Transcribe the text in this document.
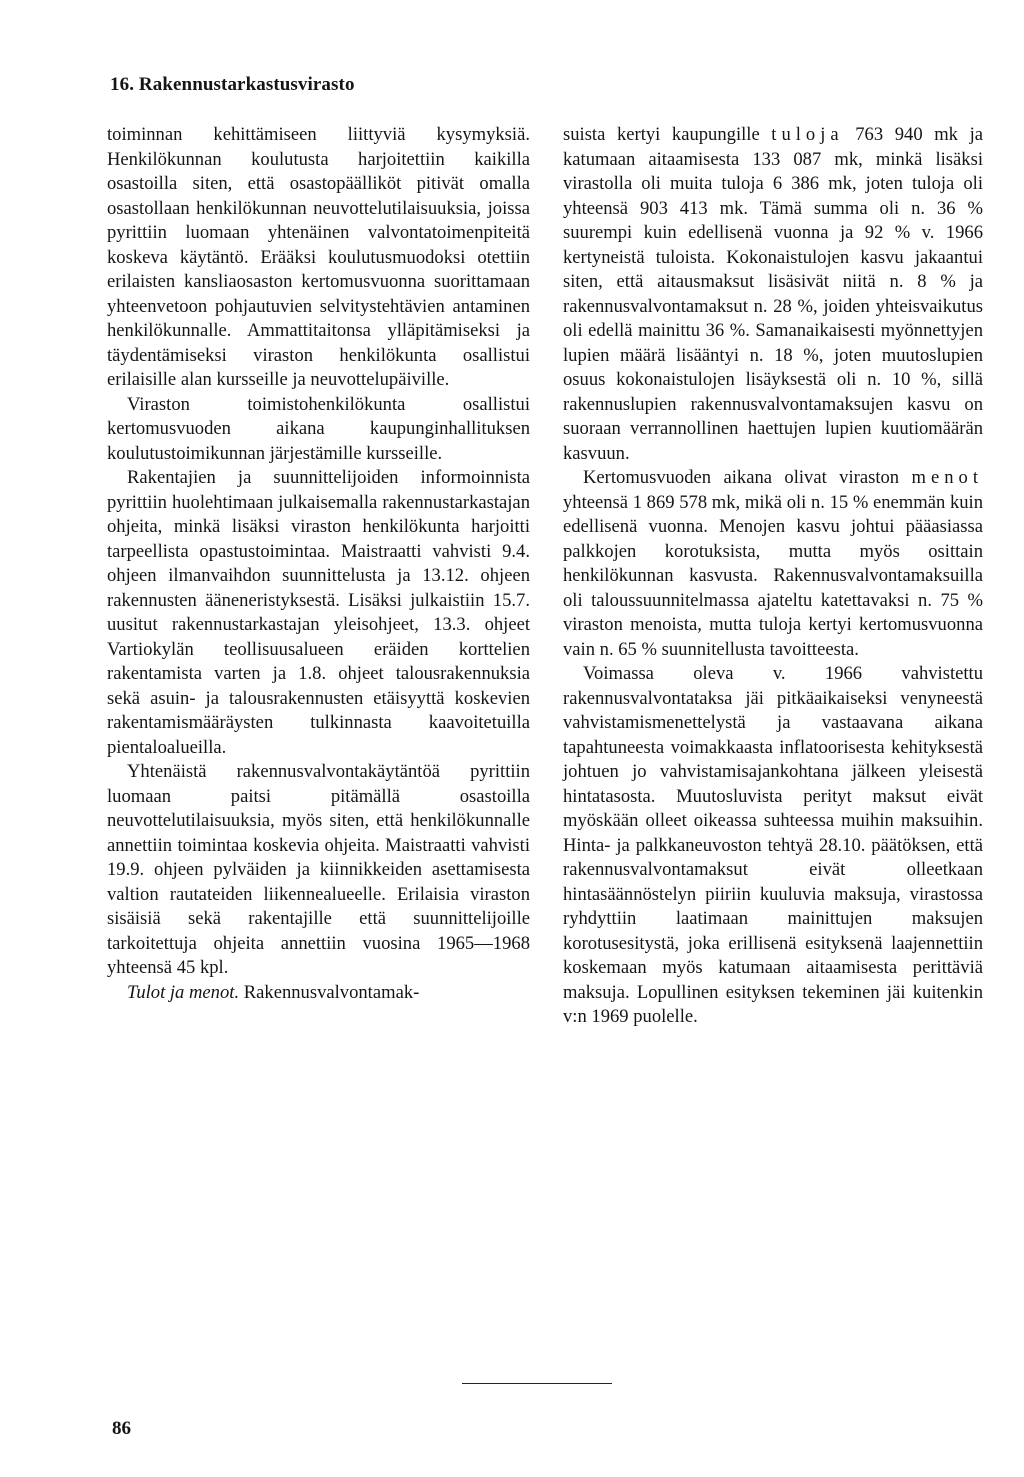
16. Rakennustarkastusvirasto

toiminnan kehittämiseen liittyviä kysymyksiä. Henkilökunnan koulutusta harjoitettiin kaikilla osastoilla siten, että osastopäälliköt pitivät omalla osastollaan henkilökunnan neuvottelutilaisuuksia, joissa pyrittiin luomaan yhtenäinen valvontatoimenpiteitä koskeva käytäntö. Erääksi koulutusmuodoksi otettiin erilaisten kansliaosaston kertomusvuonna suorittamaan yhteenvetoon pohjautuvien selvitystehtävien antaminen henkilökunnalle. Ammattitaitonsa ylläpitämiseksi ja täydentämiseksi viraston henkilökunta osallistui erilaisille alan kursseille ja neuvottelupäiville.

Viraston toimistohenkilökunta osallistui kertomusvuoden aikana kaupunginhallituksen koulutustoimikunnan järjestämille kursseille.

Rakentajien ja suunnittelijoiden informoinnista pyrittiin huolehtimaan julkaisemalla rakennustarkastajan ohjeita, minkä lisäksi viraston henkilökunta harjoitti tarpeellista opastustoimintaa. Maistraatti vahvisti 9.4. ohjeen ilmanvaihdon suunnittelusta ja 13.12. ohjeen rakennusten ääneneristyksestä. Lisäksi julkaistiin 15.7. uusitut rakennustarkastajan yleisohjeet, 13.3. ohjeet Vartiokylän teollisuusalueen eräiden korttelien rakentamista varten ja 1.8. ohjeet talousrakennuksia sekä asuin- ja talousrakennusten etäisyyttä koskevien rakentamismääräysten tulkinnasta kaavoitetuilla pientaloalueilla.

Yhtenäistä rakennusvalvontakäytäntöä pyrittiin luomaan paitsi pitämällä osastoilla neuvottelutilaisuuksia, myös siten, että henkilökunnalle annettiin toimintaa koskevia ohjeita. Maistraatti vahvisti 19.9. ohjeen pylväiden ja kiinnikkeiden asettamisesta valtion rautateiden liikennealueelle. Erilaisia viraston sisäisiä sekä rakentajille että suunnittelijoille tarkoitettuja ohjeita annettiin vuosina 1965—1968 yhteensä 45 kpl.

Tulot ja menot. Rakennusvalvontamak-

suista kertyi kaupungille tuloja 763 940 mk ja katumaan aitaamisesta 133 087 mk, minkä lisäksi virastolla oli muita tuloja 6 386 mk, joten tuloja oli yhteensä 903 413 mk. Tämä summa oli n. 36 % suurempi kuin edellisenä vuonna ja 92 % v. 1966 kertyneistä tuloista. Kokonaistulojen kasvu jakaantui siten, että aitausmaksut lisäsivät niitä n. 8 % ja rakennusvalvontamaksut n. 28 %, joiden yhteisvaikutus oli edellä mainittu 36 %. Samanaikaisesti myönnettyjen lupien määrä lisääntyi n. 18 %, joten muutoslupien osuus kokonaistulojen lisäyksestä oli n. 10 %, sillä rakennuslupien rakennusvalvontamaksujen kasvu on suoraan verrannollinen haettujen lupien kuutiomäärän kasvuun.

Kertomusvuoden aikana olivat viraston menot yhteensä 1 869 578 mk, mikä oli n. 15 % enemmän kuin edellisenä vuonna. Menojen kasvu johtui pääasiassa palkkojen korotuksista, mutta myös osittain henkilökunnan kasvusta. Rakennusvalvontamaksuilla oli taloussuunnitelmassa ajateltu katettavaksi n. 75 % viraston menoista, mutta tuloja kertyi kertomusvuonna vain n. 65 % suunnitellusta tavoitteesta.

Voimassa oleva v. 1966 vahvistettu rakennusvalvontataksa jäi pitkäaikaiseksi venyneestä vahvistamismenettelystä ja vastaavana aikana tapahtuneesta voimakkaasta inflatoorisesta kehityksestä johtuen jo vahvistamisajankohtana jälkeen yleisestä hintatasosta. Muutosluvista perityt maksut eivät myöskään olleet oikeassa suhteessa muihin maksuihin. Hinta- ja palkkaneuvoston tehtyä 28.10. päätöksen, että rakennusvalvontamaksut eivät olleetkaan hintasäännöstelyn piiriin kuuluvia maksuja, virastossa ryhdyttiin laatimaan mainittujen maksujen korotusesitystä, joka erillisenä esityksenä laajennettiin koskemaan myös katumaan aitaamisesta perittäviä maksuja. Lopullinen esityksen tekeminen jäi kuitenkin v:n 1969 puolelle.

86
